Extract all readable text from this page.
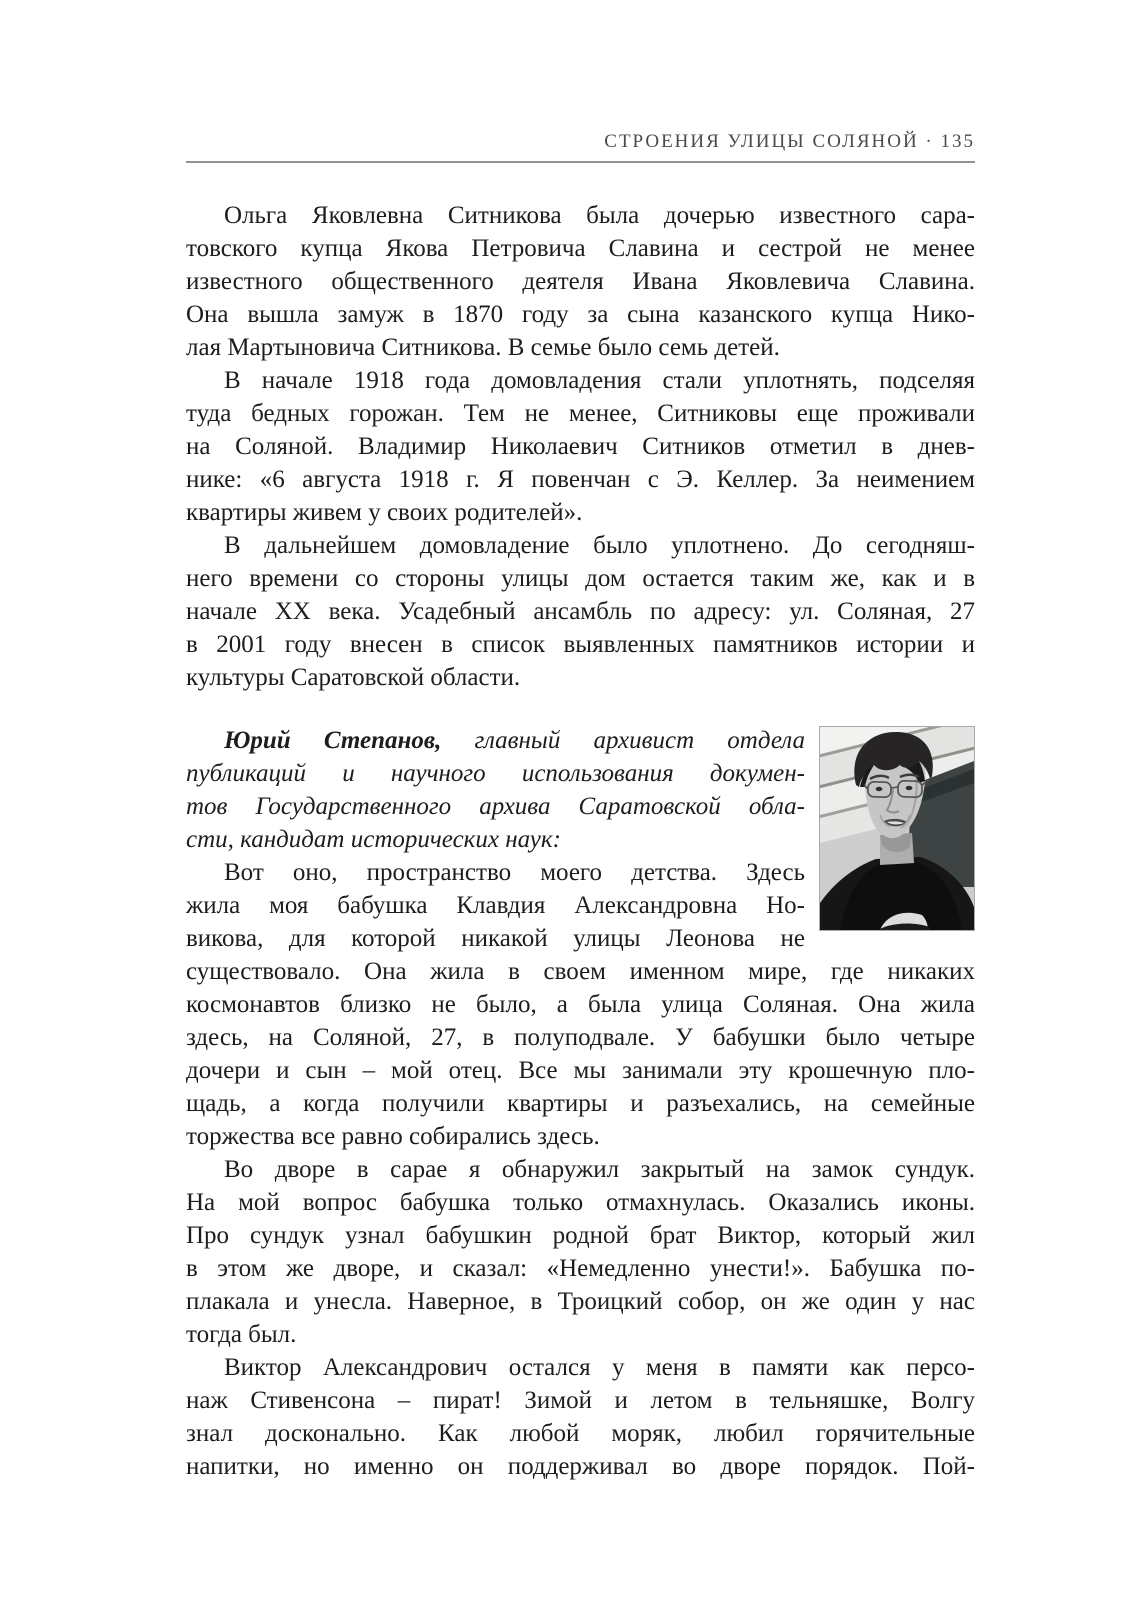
СТРОЕНИЯ УЛИЦЫ СОЛЯНОЙ · 135
Ольга Яковлевна Ситникова была дочерью известного сара-
товского купца Якова Петровича Славина и сестрой не менее
известного общественного деятеля Ивана Яковлевича Славина.
Она вышла замуж в 1870 году за сына казанского купца Нико-
лая Мартыновича Ситникова. В семье было семь детей.
В начале 1918 года домовладения стали уплотнять, подселяя
туда бедных горожан. Тем не менее, Ситниковы еще проживали
на Соляной. Владимир Николаевич Ситников отметил в днев-
нике: «6 августа 1918 г. Я повенчан с Э. Келлер. За неимением
квартиры живем у своих родителей».
В дальнейшем домовладение было уплотнено. До сегодняш-
него времени со стороны улицы дом остается таким же, как и в
начале XX века. Усадебный ансамбль по адресу: ул. Соляная, 27
в 2001 году внесен в список выявленных памятников истории и
культуры Саратовской области.
Юрий Степанов, главный архивист отдела
публикаций и научного использования докумен-
тов Государственного архива Саратовской обла-
сти, кандидат исторических наук:
Вот оно, пространство моего детства. Здесь
жила моя бабушка Клавдия Александровна Но-
викова, для которой никакой улицы Леонова не
существовало. Она жила в своем именном мире, где никаких
космонавтов близко не было, а была улица Соляная. Она жила
здесь, на Соляной, 27, в полуподвале. У бабушки было четыре
дочери и сын – мой отец. Все мы занимали эту крошечную пло-
щадь, а когда получили квартиры и разъехались, на семейные
торжества все равно собирались здесь.
Во дворе в сарае я обнаружил закрытый на замок сундук.
На мой вопрос бабушка только отмахнулась. Оказались иконы.
Про сундук узнал бабушкин родной брат Виктор, который жил
в этом же дворе, и сказал: «Немедленно унести!». Бабушка по-
плакала и унесла. Наверное, в Троицкий собор, он же один у нас
тогда был.
Виктор Александрович остался у меня в памяти как персо-
наж Стивенсона – пират! Зимой и летом в тельняшке, Волгу
знал досконально. Как любой моряк, любил горячительные
напитки, но именно он поддерживал во дворе порядок. Пой-
